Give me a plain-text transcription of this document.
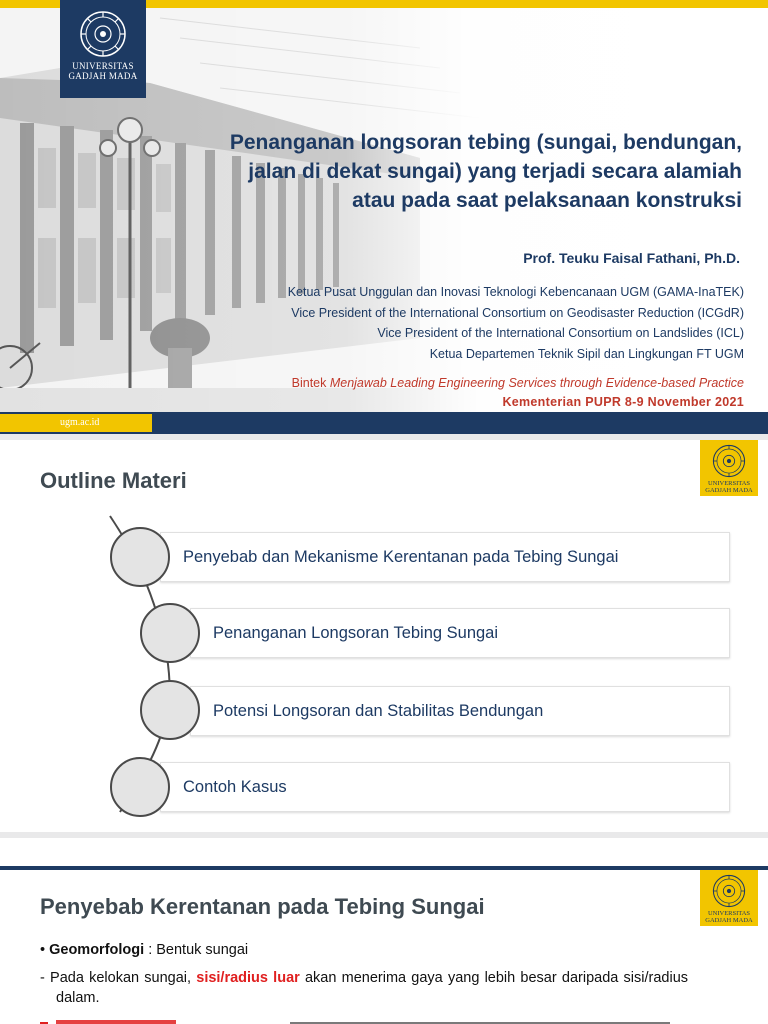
UNIVERSITAS
GADJAH MADA
Penanganan longsoran tebing (sungai, bendungan,
jalan di dekat sungai) yang terjadi secara alamiah
atau pada saat pelaksanaan konstruksi
Prof. Teuku Faisal Fathani, Ph.D.
Ketua Pusat Unggulan dan Inovasi Teknologi Kebencanaan UGM (GAMA-InaTEK)
Vice President of the International Consortium on Geodisaster Reduction (ICGdR)
Vice President of the International Consortium on Landslides (ICL)
Ketua Departemen Teknik Sipil dan Lingkungan FT UGM
Bintek Menjawab Leading Engineering Services through Evidence-based Practice
Kementerian PUPR 8-9 November 2021
ugm.ac.id
Outline Materi	UNIVERSITAS
GADJAH MADA
Penyebab dan Mekanisme Kerentanan pada Tebing Sungai
Penanganan Longsoran Tebing Sungai
Potensi Longsoran dan Stabilitas Bendungan
Contoh Kasus
Penyebab Kerentanan pada Tebing Sungai	UNIVERSITAS
GADJAH MADA
• Geomorfologi : Bentuk sungai
- Pada kelokan sungai, sisi/radius luar akan menerima gaya yang lebih besar daripada sisi/radius dalam.
